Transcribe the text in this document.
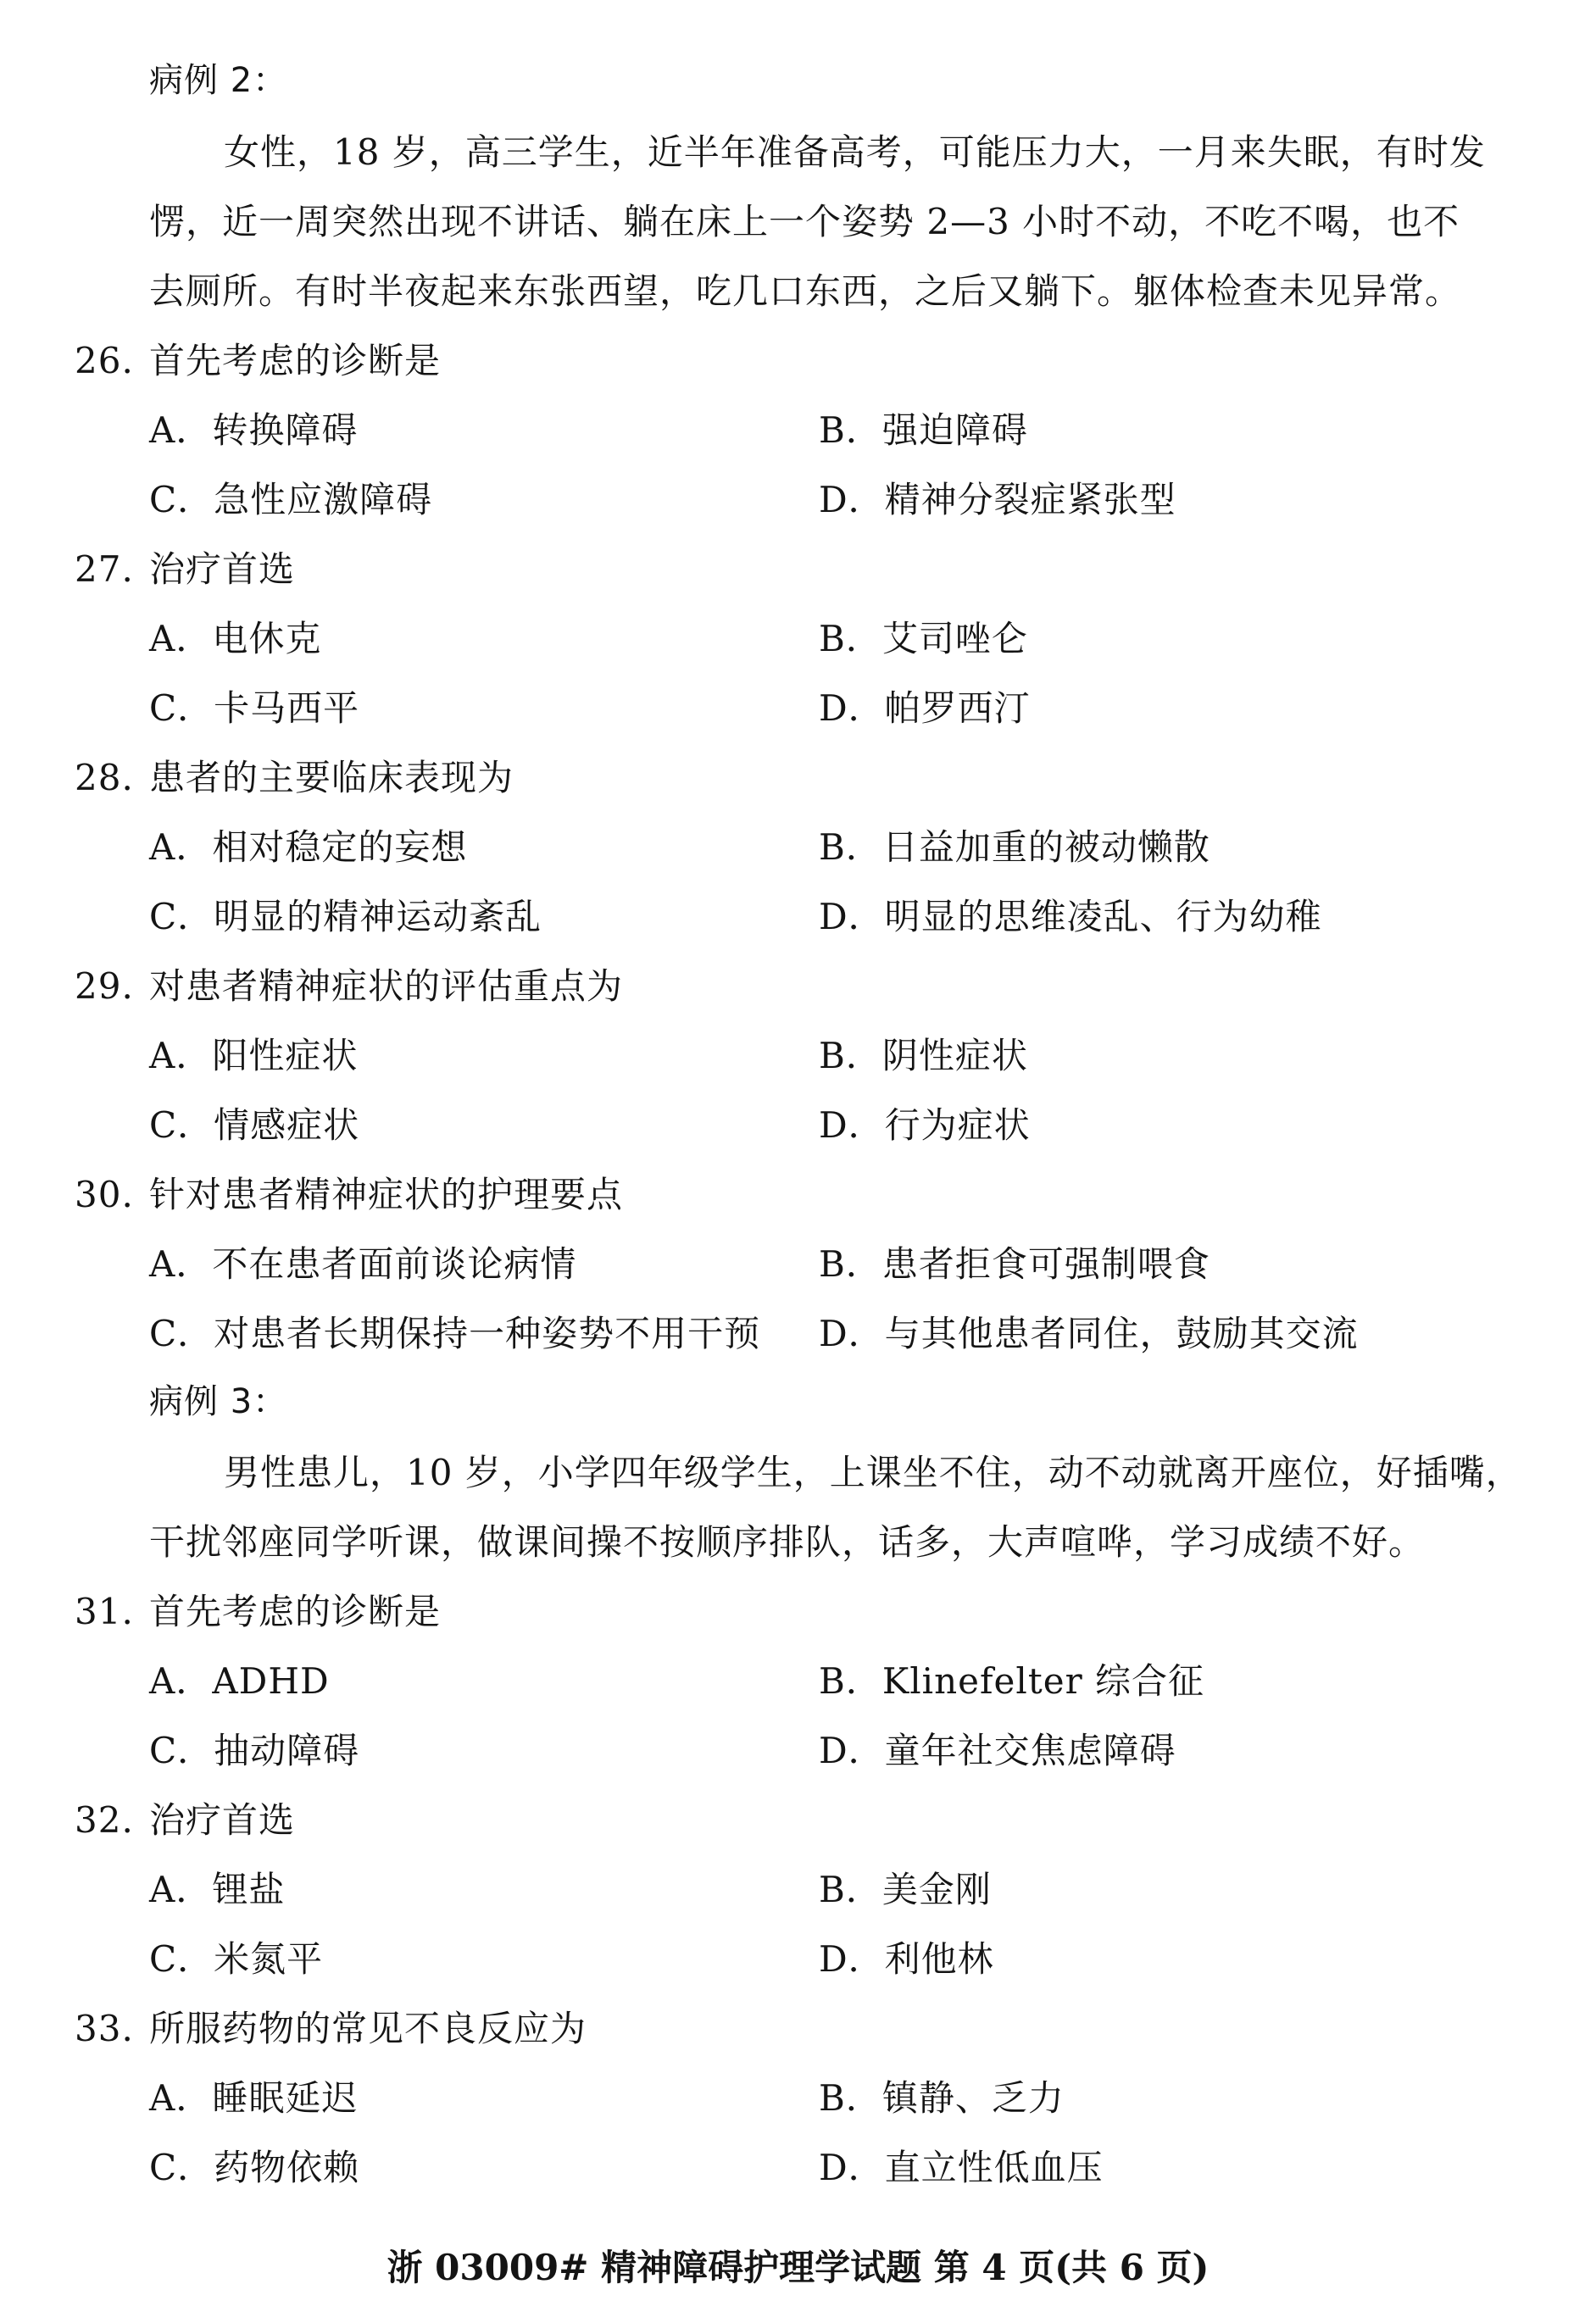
病例 2：
女性，18 岁，高三学生，近半年准备高考，可能压力大，一月来失眠，有时发
愣，近一周突然出现不讲话、躺在床上一个姿势 2—3 小时不动，不吃不喝，也不
去厕所。有时半夜起来东张西望，吃几口东西，之后又躺下。躯体检查未见异常。
26. 首先考虑的诊断是
A．转换障碍	B．强迫障碍
C．急性应激障碍	D．精神分裂症紧张型
27. 治疗首选
A．电休克	B．艾司唑仑
C．卡马西平	D．帕罗西汀
28. 患者的主要临床表现为
A．相对稳定的妄想	B．日益加重的被动懒散
C．明显的精神运动紊乱	D．明显的思维凌乱、行为幼稚
29. 对患者精神症状的评估重点为
A．阳性症状	B．阴性症状
C．情感症状	D．行为症状
30. 针对患者精神症状的护理要点
A．不在患者面前谈论病情	B．患者拒食可强制喂食
C．对患者长期保持一种姿势不用干预 D．与其他患者同住，鼓励其交流
病例 3：
男性患儿，10 岁，小学四年级学生，上课坐不住，动不动就离开座位，好插嘴，
干扰邻座同学听课，做课间操不按顺序排队，话多，大声喧哗，学习成绩不好。
31. 首先考虑的诊断是
A．ADHD	B．Klinefelter 综合征
C．抽动障碍	D．童年社交焦虑障碍
32. 治疗首选
A．锂盐	B．美金刚
C．米氮平	D．利他林
33. 所服药物的常见不良反应为
A．睡眠延迟	B．镇静、乏力
C．药物依赖	D．直立性低血压
浙 03009# 精神障碍护理学试题 第 4 页(共 6 页)
